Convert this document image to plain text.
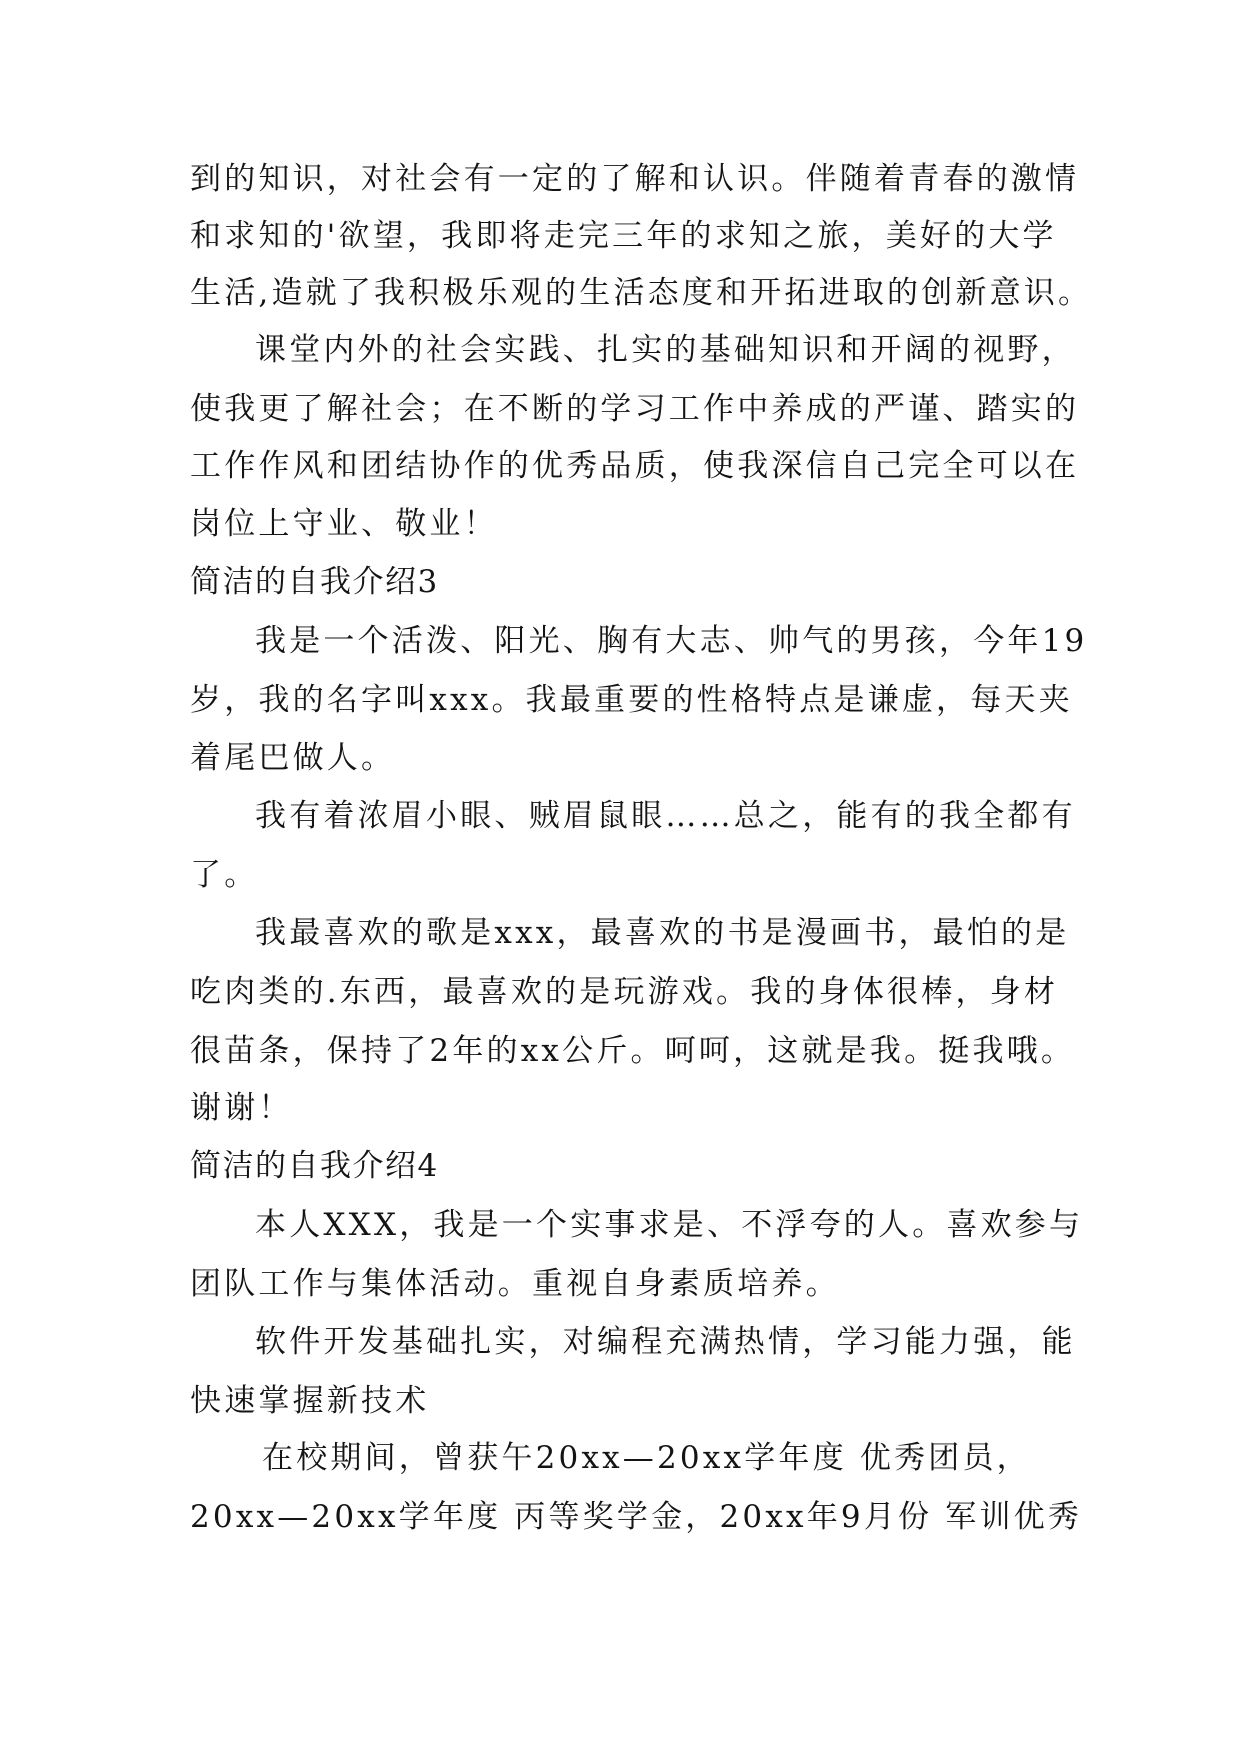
到的知识，对社会有一定的了解和认识。伴随着青春的激情

和求知的'欲望，我即将走完三年的求知之旅，美好的大学

生活,造就了我积极乐观的生活态度和开拓进取的创新意识。

课堂内外的社会实践、扎实的基础知识和开阔的视野，

使我更了解社会；在不断的学习工作中养成的严谨、踏实的

工作作风和团结协作的优秀品质，使我深信自己完全可以在

岗位上守业、敬业！

简洁的自我介绍3

我是一个活泼、阳光、胸有大志、帅气的男孩，今年19

岁，我的名字叫xxx。我最重要的性格特点是谦虚，每天夹

着尾巴做人。

我有着浓眉小眼、贼眉鼠眼……总之，能有的我全都有

了。

我最喜欢的歌是xxx，最喜欢的书是漫画书，最怕的是

吃肉类的.东西，最喜欢的是玩游戏。我的身体很棒，身材

很苗条，保持了2年的xx公斤。呵呵，这就是我。挺我哦。

谢谢！

简洁的自我介绍4

本人XXX，我是一个实事求是、不浮夸的人。喜欢参与

团队工作与集体活动。重视自身素质培养。

软件开发基础扎实，对编程充满热情，学习能力强，能

快速掌握新技术

在校期间，曾获午20xx—20xx学年度 优秀团员，

20xx—20xx学年度 丙等奖学金，20xx年9月份 军训优秀
